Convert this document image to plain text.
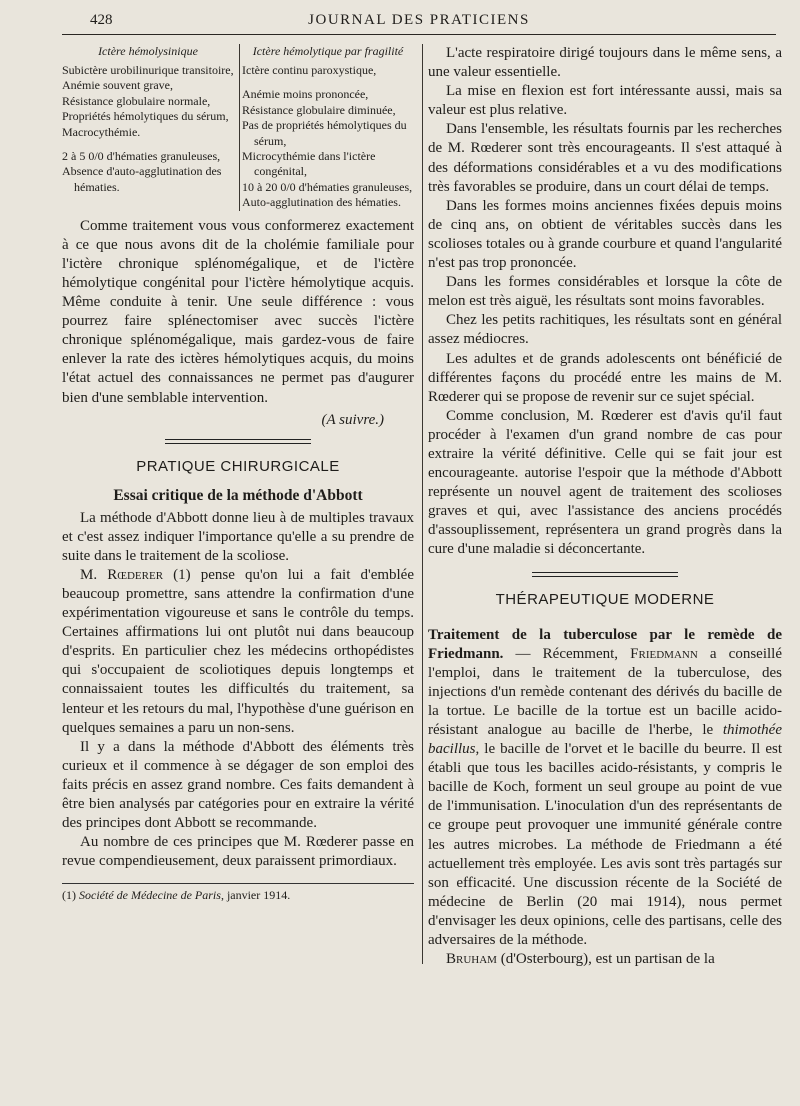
428	JOURNAL DES PRATICIENS
Ictère hémolysinique

Subictère urobilinurique transitoire,

Anémie souvent grave,

Résistance globulaire normale,

Propriétés hémolytiques du sérum,

Macrocythémie.

2 à 5 0/0 d'hématies granuleuses,

Absence d'auto-agglutination des hématies.

Ictère hémolytique par fragilité

Ictère continu paroxystique,

Anémie moins prononcée,

Résistance globulaire diminuée,

Pas de propriétés hémolytiques du sérum,

Microcythémie dans l'ictère congénital,

10 à 20 0/0 d'hématies granuleuses,

Auto-agglutination des hématies.

Comme traitement vous vous conformerez exactement à ce que nous avons dit de la cholémie familiale pour l'ictère chronique splénomégalique, et de l'ictère hémolytique congénital pour l'ictère hémolytique acquis. Même conduite à tenir. Une seule différence : vous pourrez faire splénectomiser avec succès l'ictère chronique splénomégalique, mais gardez-vous de faire enlever la rate des ictères hémolytiques acquis, du moins l'état actuel des connaissances ne permet pas d'augurer bien d'une semblable intervention.

(A suivre.)
PRATIQUE CHIRURGICALE
Essai critique de la méthode d'Abbott

La méthode d'Abbott donne lieu à de multiples travaux et c'est assez indiquer l'importance qu'elle a su prendre de suite dans le traitement de la scoliose.

M. Rœderer (1) pense qu'on lui a fait d'emblée beaucoup promettre, sans attendre la confirmation d'une expérimentation vigoureuse et sans le contrôle du temps. Certaines affirmations lui ont plutôt nui dans beaucoup d'esprits. En particulier chez les médecins orthopédistes qui s'occupaient de scoliotiques depuis longtemps et connaissaient toutes les difficultés du traitement, sa lenteur et les retours du mal, l'hypothèse d'une guérison en quelques semaines a paru un non-sens.

Il y a dans la méthode d'Abbott des éléments très curieux et il commence à se dégager de son emploi des faits précis en assez grand nombre. Ces faits demandent à être bien analysés par catégories pour en extraire la vérité des principes dont Abbott se recommande.

Au nombre de ces principes que M. Rœderer passe en revue compendieusement, deux paraissent primordiaux.

(1) Société de Médecine de Paris, janvier 1914.

L'acte respiratoire dirigé toujours dans le même sens, a une valeur essentielle.

La mise en flexion est fort intéressante aussi, mais sa valeur est plus relative.

Dans l'ensemble, les résultats fournis par les recherches de M. Rœderer sont très encourageants. Il s'est attaqué à des déformations considérables et a vu des modifications très favorables se produire, dans un court délai de temps.

Dans les formes moins anciennes fixées depuis moins de cinq ans, on obtient de véritables succès dans les scolioses totales ou à grande courbure et quand l'angularité n'est pas trop prononcée.

Dans les formes considérables et lorsque la côte de melon est très aiguë, les résultats sont moins favorables.

Chez les petits rachitiques, les résultats sont en général assez médiocres.

Les adultes et de grands adolescents ont bénéficié de différentes façons du procédé entre les mains de M. Rœderer qui se propose de revenir sur ce sujet spécial.

Comme conclusion, M. Rœderer est d'avis qu'il faut procéder à l'examen d'un grand nombre de cas pour extraire la vérité définitive. Celle qui se fait jour est encourageante. autorise l'espoir que la méthode d'Abbott représente un nouvel agent de traitement des scolioses graves et qui, avec l'assistance des anciens procédés d'assouplissement, représentera un grand progrès dans la cure d'une maladie si déconcertante.

THÉRAPEUTIQUE MODERNE

Traitement de la tuberculose par le remède de Friedmann. — Récemment, Friedmann a conseillé l'emploi, dans le traitement de la tuberculose, des injections d'un remède contenant des dérivés du bacille de la tortue. Le bacille de la tortue est un bacille acido-résistant analogue au bacille de l'herbe, le thimothée bacillus, le bacille de l'orvet et le bacille du beurre. Il est établi que tous les bacilles acido-résistants, y compris le bacille de Koch, forment un seul groupe au point de vue de l'immunisation. L'inoculation d'un des représentants de ce groupe peut provoquer une immunité générale contre les autres microbes. La méthode de Friedmann a été actuellement très employée. Les avis sont très partagés sur son efficacité. Une discussion récente de la Société de médecine de Berlin (20 mai 1914), nous permet d'envisager les deux opinions, celle des partisans, celle des adversaires de la méthode.

Bruham (d'Osterbourg), est un partisan de la
